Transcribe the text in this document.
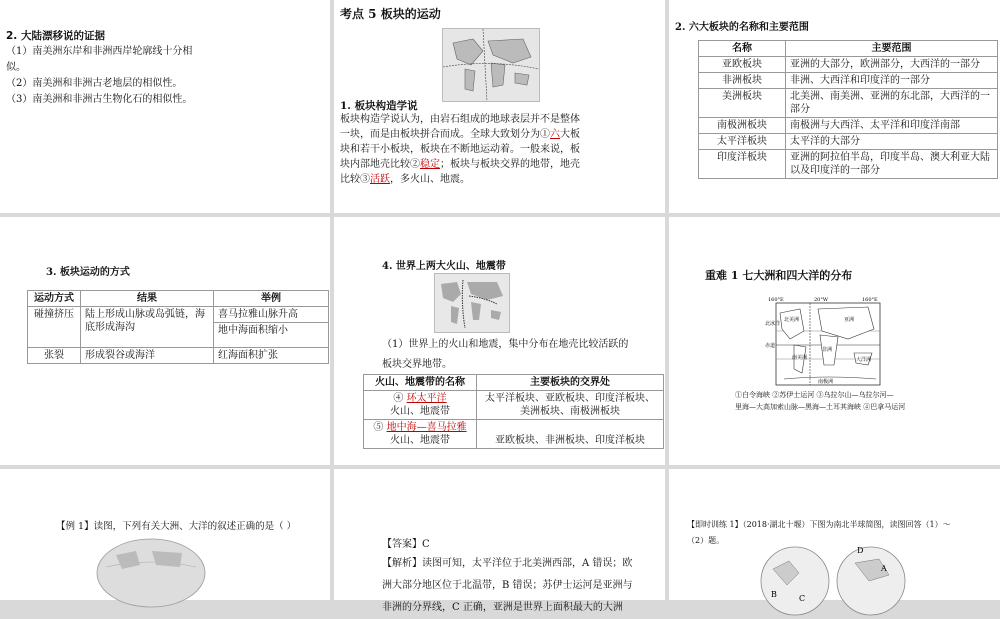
2. 大陆漂移说的证据
（1）南美洲东岸和非洲西岸轮廓线十分相
似。
（2）南美洲和非洲古老地层的相似性。
（3）南美洲和非洲古生物化石的相似性。
考点 5 板块的运动
1. 板块构造学说
板块构造学说认为，由岩石组成的地球表层并不是整体
一块，而是由板块拼合而成。全球大致划分为①六大板
块和若干小板块，板块在不断地运动着。一般来说，板
块内部地壳比较②稳定；板块与板块交界的地带，地壳
比较③活跃，多火山、地震。
2. 六大板块的名称和主要范围
名称	主要范围
亚欧板块	亚洲的大部分，欧洲部分，大西洋的一部分
非洲板块	非洲、大西洋和印度洋的一部分
美洲板块	北美洲、南美洲、亚洲的东北部，大西洋的一部分
南极洲板块	南极洲与大西洋、太平洋和印度洋南部
太平洋板块	太平洋的大部分
印度洋板块	亚洲的阿拉伯半岛，印度半岛、澳大利亚大陆以及印度洋的一部分
3. 板块运动的方式
运动方式	结果	举例
碰撞挤压	陆上形成山脉或岛弧链，海底形成海沟	喜马拉雅山脉升高
		地中海面积缩小
张裂	形成裂谷或海洋	红海面积扩张
4. 世界上两大火山、地震带
（1）世界上的火山和地震，集中分布在地壳比较活跃的
板块交界地带。
火山、地震带的名称	主要板块的交界处
④ 环太平洋
火山、地震带	太平洋板块、亚欧板块、印度洋板块、美洲板块、南极洲板块
⑤ 地中海—喜马拉雅
火山、地震带	亚欧板块、非洲板块、印度洋板块
重难 1 七大洲和四大洋的分布
160°E	20°W	160°E
北冰洋
北美洲	亚洲
赤道
南美洲
非洲
大洋洲
南极洲
①白令海峡 ②苏伊士运河 ③乌拉尔山—乌拉尔河—
里海—大高加索山脉—黑海—土耳其海峡 ④巴拿马运河
【例 1】读图，下列有关大洲、大洋的叙述正确的是（ ）
【答案】C
【解析】读图可知，太平洋位于北美洲西部，A 错误；欧
洲大部分地区位于北温带，B 错误；苏伊士运河是亚洲与
非洲的分界线，C 正确，亚洲是世界上面积最大的大洲
【即时训练 1】（2018·湖北十堰）下图为南北半球简图，读图回答（1）～
（2）题。
D
A
B	C
